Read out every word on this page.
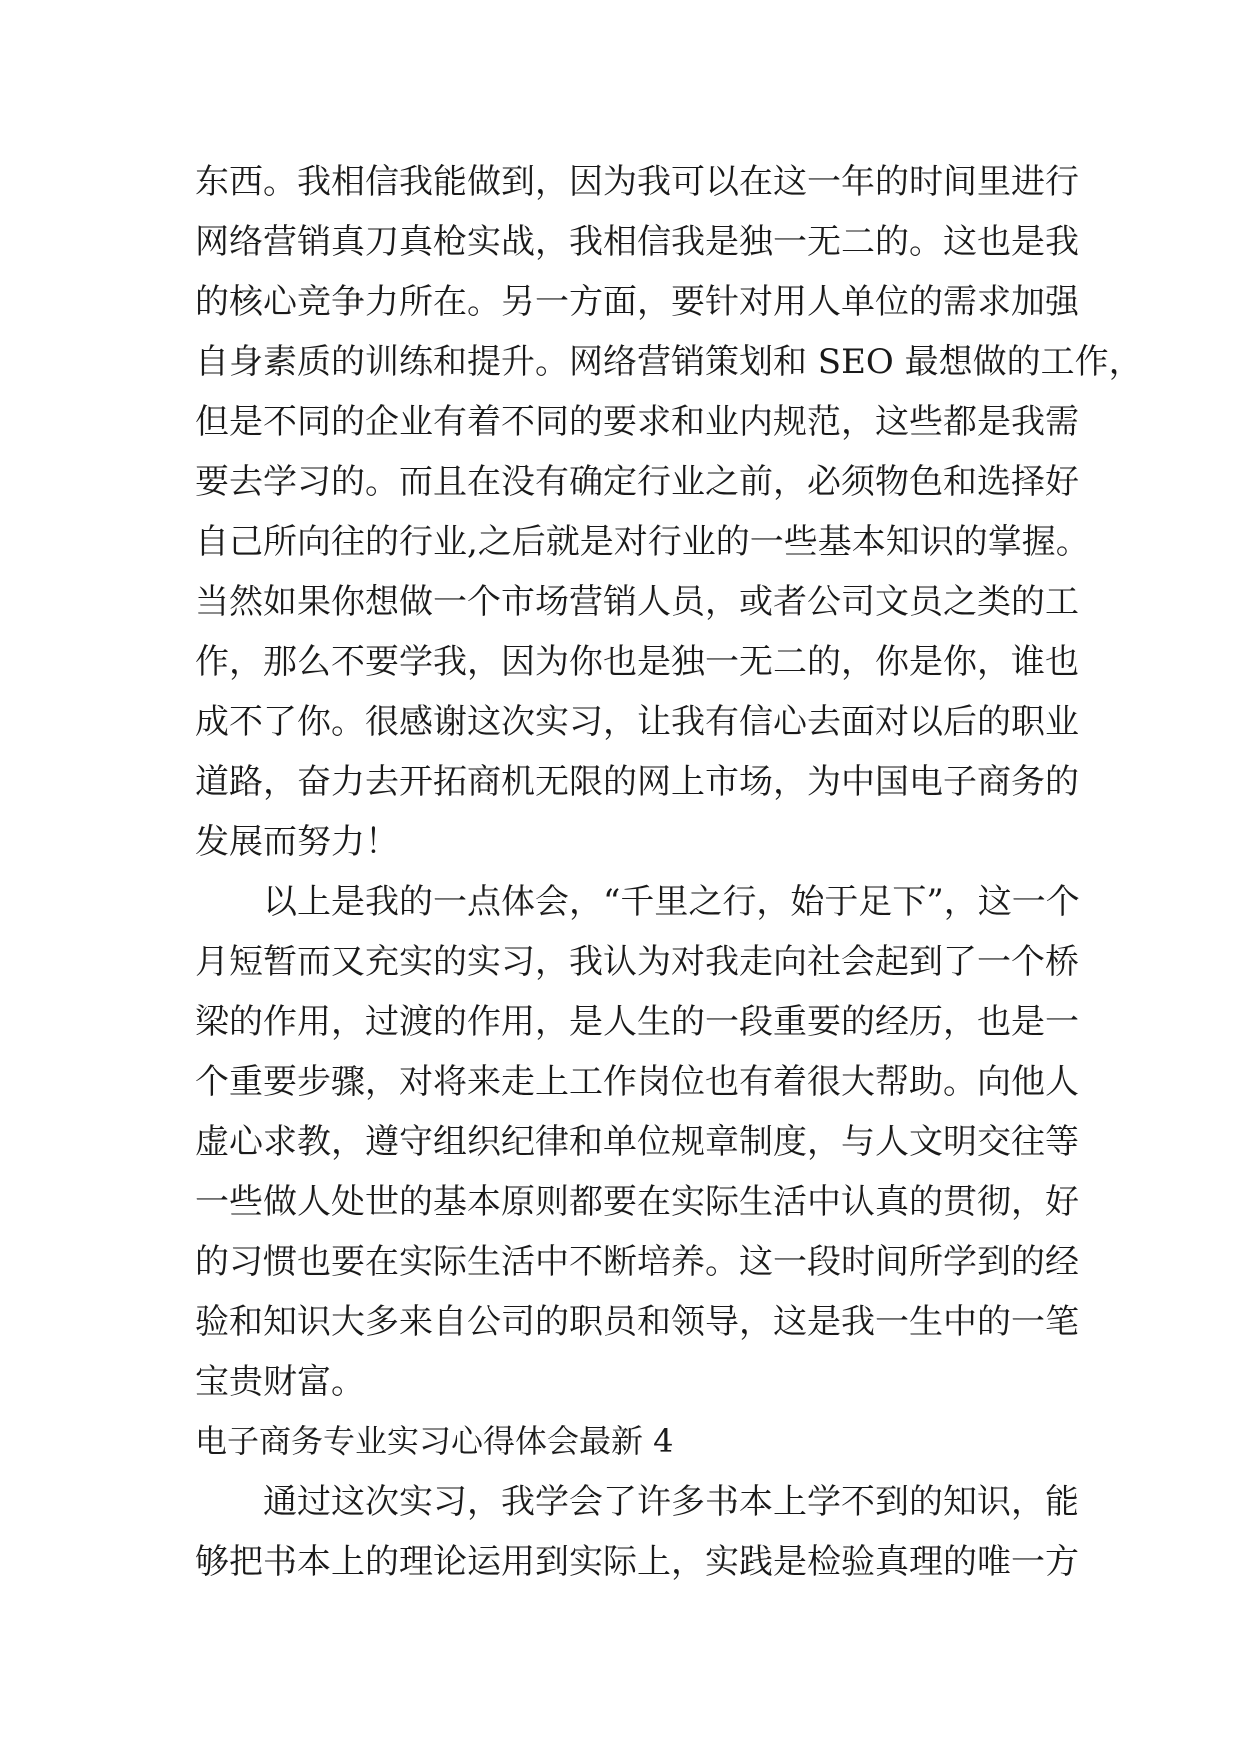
东西。我相信我能做到，因为我可以在这一年的时间里进行
网络营销真刀真枪实战，我相信我是独一无二的。这也是我
的核心竞争力所在。另一方面，要针对用人单位的需求加强
自身素质的训练和提升。网络营销策划和 SEO 最想做的工作，
但是不同的企业有着不同的要求和业内规范，这些都是我需
要去学习的。而且在没有确定行业之前，必须物色和选择好
自己所向往的行业,之后就是对行业的一些基本知识的掌握。
当然如果你想做一个市场营销人员，或者公司文员之类的工
作，那么不要学我，因为你也是独一无二的，你是你，谁也
成不了你。很感谢这次实习，让我有信心去面对以后的职业
道路，奋力去开拓商机无限的网上市场，为中国电子商务的
发展而努力！
以上是我的一点体会，“千里之行，始于足下”，这一个
月短暂而又充实的实习，我认为对我走向社会起到了一个桥
梁的作用，过渡的作用，是人生的一段重要的经历，也是一
个重要步骤，对将来走上工作岗位也有着很大帮助。向他人
虚心求教，遵守组织纪律和单位规章制度，与人文明交往等
一些做人处世的基本原则都要在实际生活中认真的贯彻，好
的习惯也要在实际生活中不断培养。这一段时间所学到的经
验和知识大多来自公司的职员和领导，这是我一生中的一笔
宝贵财富。
电子商务专业实习心得体会最新 4
通过这次实习，我学会了许多书本上学不到的知识，能
够把书本上的理论运用到实际上，实践是检验真理的唯一方
